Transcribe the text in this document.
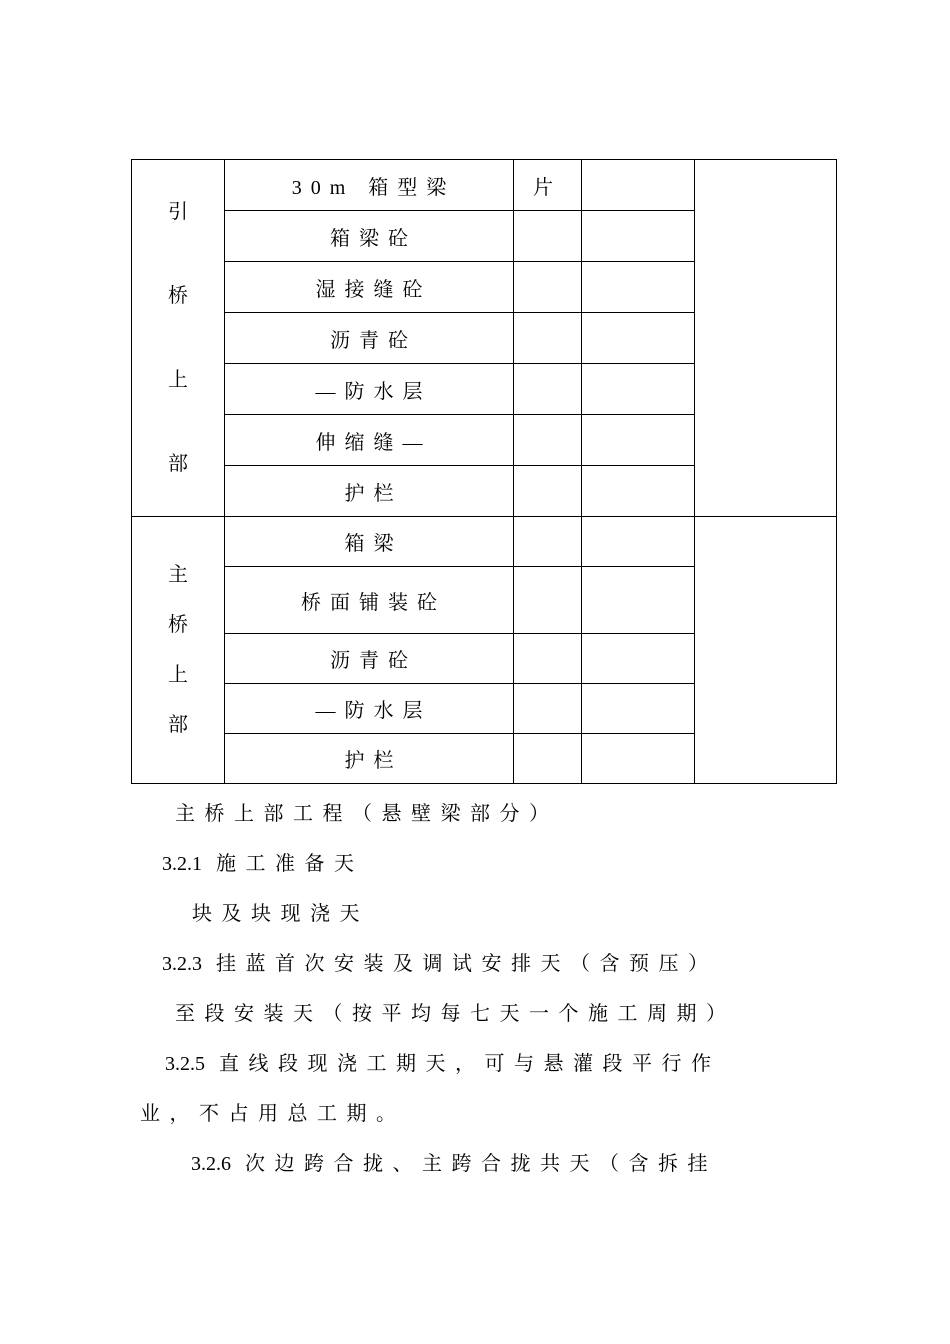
引
桥
上
部	30m 箱型梁	片		
	箱梁砼			
	湿接缝砼			
	沥青砼			
	—防水层			
	伸缩缝—			
	护栏			

主
桥
上
部	箱梁			
	桥面铺装砼			
	沥青砼			
	—防水层			
	护栏			
主桥上部工程（悬壁梁部分）
3.2.1 施工准备天
块及块现浇天
3.2.3 挂蓝首次安装及调试安排天（含预压）
至段安装天（按平均每七天一个施工周期）
3.2.5 直线段现浇工期天，可与悬灌段平行作
业，不占用总工期。
3.2.6 次边跨合拢、主跨合拢共天（含拆挂
